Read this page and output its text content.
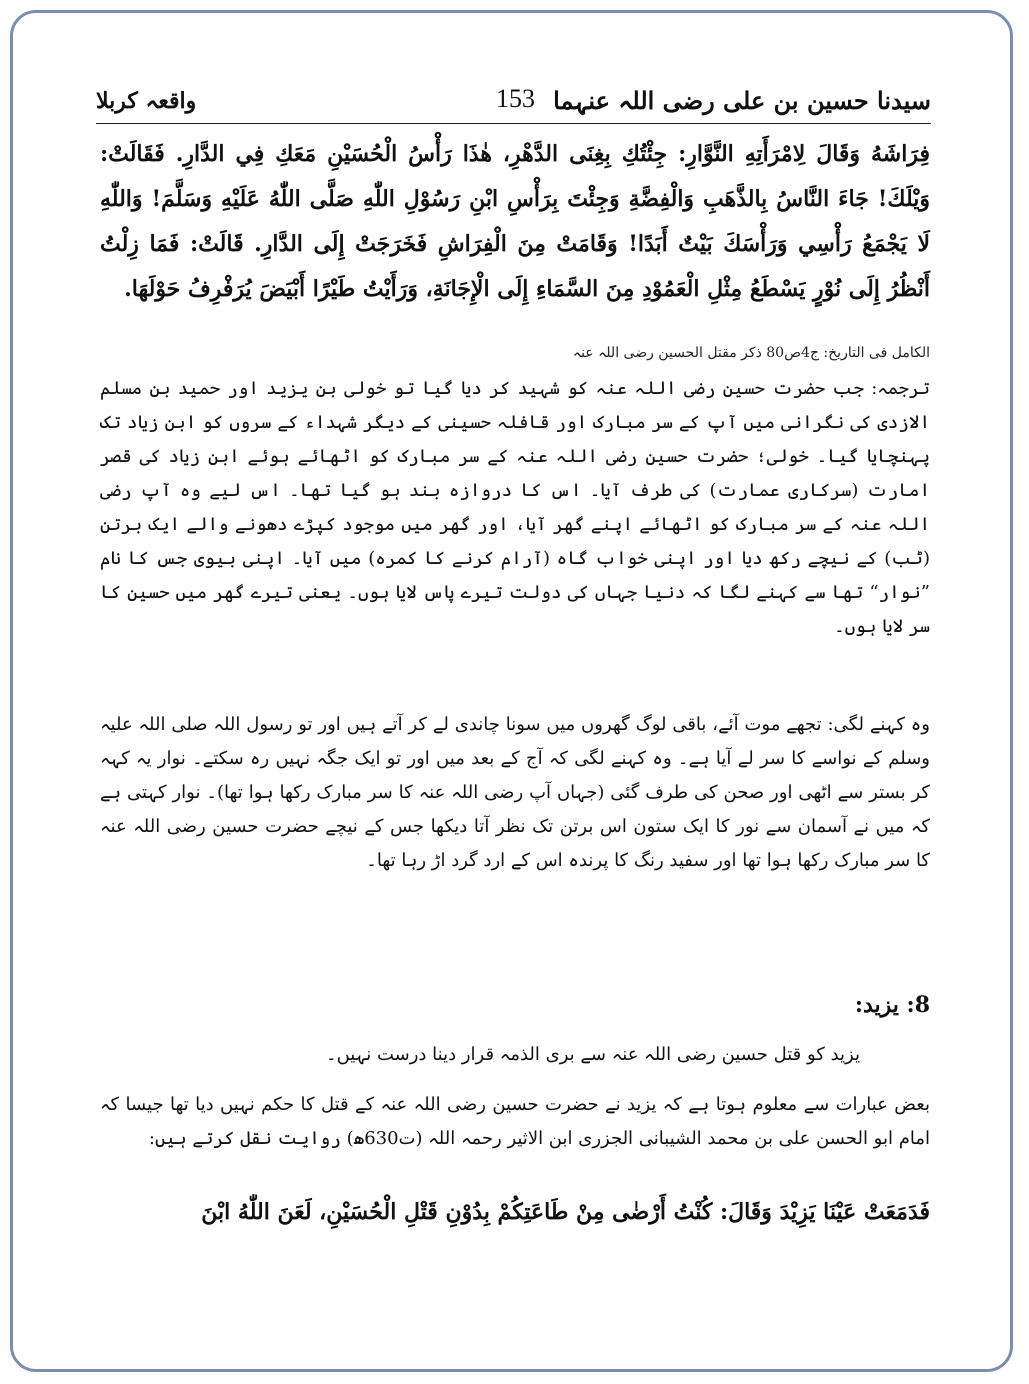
سیدنا حسین بن علی رضی اللہ عنہما
153
واقعہ کربلا

فِرَاشَهُ وَقَالَ لِامْرَأَتِهِ النَّوَّارِ: جِئْتُكِ بِغِنَى الدَّهْرِ، هٰذَا رَأْسُ الْحُسَيْنِ مَعَكِ فِي الدَّارِ. فَقَالَتْ: وَيْلَكَ! جَاءَ النَّاسُ بِالذَّهَبِ وَالْفِضَّةِ وَجِئْتَ بِرَأْسِ ابْنِ رَسُوْلِ اللّٰهِ صَلَّى اللّٰهُ عَلَيْهِ وَسَلَّمَ! وَاللّٰهِ لَا يَجْمَعُ رَأْسِي وَرَأْسَكَ بَيْتٌ أَبَدًا! وَقَامَتْ مِنَ الْفِرَاشِ فَخَرَجَتْ إِلَى الدَّارِ. قَالَتْ: فَمَا زِلْتُ أَنْظُرُ إِلَى نُوْرٍ يَسْطَعُ مِثْلِ الْعَمُوْدِ مِنَ السَّمَاءِ إِلَى الْإِجَانَةِ، وَرَأَيْتُ طَيْرًا أَبْيَضَ يُرَفْرِفُ حَوْلَهَا.

الکامل فی التاریخ: ج4ص80 ذکر مقتل الحسین رضی اللہ عنہ

ترجمہ: جب حضرت حسین رضی اللہ عنہ کو شہید کر دیا گیا تو خولی بن یزید اور حمید بن مسلم الازدی کی نگرانی میں آپ کے سر مبارک اور قافلہ حسینی کے دیگر شہداء کے سروں کو ابن زیاد تک پہنچایا گیا۔ خولی؛ حضرت حسین رضی اللہ عنہ کے سر مبارک کو اٹھائے ہوئے ابن زیاد کی قصر امارت (سرکاری عمارت) کی طرف آیا۔ اس کا دروازہ بند ہو گیا تھا۔ اس لیے وہ آپ رضی اللہ عنہ کے سر مبارک کو اٹھائے اپنے گھر آیا، اور گھر میں موجود کپڑے دھونے والے ایک برتن (ٹب) کے نیچے رکھ دیا اور اپنی خواب گاہ (آرام کرنے کا کمرہ) میں آیا۔ اپنی بیوی جس کا نام ”نوار“ تھا سے کہنے لگا کہ دنیا جہاں کی دولت تیرے پاس لایا ہوں۔ یعنی تیرے گھر میں حسین کا سر لایا ہوں۔

وہ کہنے لگی: تجھے موت آئے، باقی لوگ گھروں میں سونا چاندی لے کر آتے ہیں اور تو رسول اللہ صلی اللہ علیہ وسلم کے نواسے کا سر لے آیا ہے۔ وہ کہنے لگی کہ آج کے بعد میں اور تو ایک جگہ نہیں رہ سکتے۔ نوار یہ کہہ کر بستر سے اٹھی اور صحن کی طرف گئی (جہاں آپ رضی اللہ عنہ کا سر مبارک رکھا ہوا تھا)۔ نوار کہتی ہے کہ میں نے آسمان سے نور کا ایک ستون اس برتن تک نظر آتا دیکھا جس کے نیچے حضرت حسین رضی اللہ عنہ کا سر مبارک رکھا ہوا تھا اور سفید رنگ کا پرندہ اس کے ارد گرد اڑ رہا تھا۔

8: یزید:

یزید کو قتل حسین رضی اللہ عنہ سے بری الذمہ قرار دینا درست نہیں۔

بعض عبارات سے معلوم ہوتا ہے کہ یزید نے حضرت حسین رضی اللہ عنہ کے قتل کا حکم نہیں دیا تھا جیسا کہ امام ابو الحسن علی بن محمد الشیبانی الجزری ابن الاثیر رحمہ اللہ (ت630ھ) روایت نقل کرتے ہیں:

فَدَمَعَتْ عَيْنَا يَزِيْدَ وَقَالَ: كُنْتُ أَرْضٰى مِنْ طَاعَتِكُمْ بِدُوْنِ قَتْلِ الْحُسَيْنِ، لَعَنَ اللّٰهُ ابْنَ
